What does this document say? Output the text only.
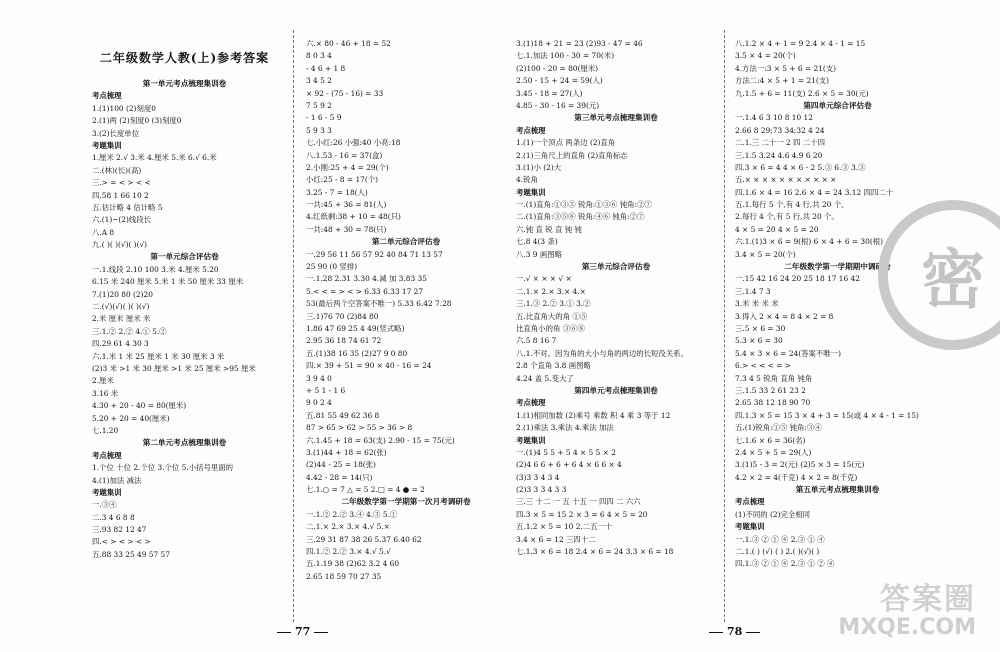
二年级数学人教(上)参考答案
第一单元考点梳理集训卷
考点梳理
1.(1)100 (2)刻度0
2.(1)两 (2)刻度0 (3)刻度0
3.(2)长度单位
考题集训
1.厘米 2.√ 3.米 4.厘米 5.米 6.√ 6.米
二.(林)(长)(高)
三.> = < > < <
四.58 1 66 10 2
五.估计略 4 估计略 5
六.(1)~(2)线段长
八.A 8
九.( )( )(√)( )(√)
第一单元综合评估卷
一.1.线段 2.10 100 3.米 4.厘米 5.20
6.15 米 240 厘米 5.米 1 米 50 厘米 33 厘米
7.(1)20 80 (2)20
二.(√)(√)( )( )(√)
2.米 厘米 厘米 米
三.1.② 2.② 4.① 5.②
四.29 61 4 30 3
六.1.米 1 米 25 厘米 1 米 30 厘米 3 米
(2)3 米 >1 米 30 厘米 >1 米 25 厘米 >95 厘米
2.厘米
3.16 米
4.30 + 20 - 40 = 80(厘米)
5.20 + 20 = 40(厘米)
七.1.20
第二单元考点梳理集训卷
考点梳理
1.个位 十位 2.个位 3.个位 5.小括号里面的
4.(1)加法 减法
考题集训
一.③④
二.3 4 6 8 8
三.93 82 12 47
四.< > < > < >
五.88 33 25 49 57 57
六.× 80 - 46 + 18 = 52
8 0 3 4
- 4 6 + 1 8
3 4 5 2
× 92 - (75 - 16) = 33
7 5 9 2
- 1 6 - 5 9
5 9 3 3
七.小红:26 小强:40 小亮:18
八.1.53 - 16 = 37(盒)
2.小刚:25 + 4 = 29(个)
小红:25 - 8 = 17(个)
3.25 - 7 = 18(人)
一共:45 + 36 = 81(人)
4.红纸剩:38 + 10 = 48(只)
一共:48 + 30 = 78(只)
第二单元综合评估卷
一.29 56 11 56 57 92 40 84 71 13 57
25 90 (0 竖排)
一.1.28 2.31 3.30 4.减 加 3.83 35
5.< < = > < > 6.33 6.33 17 27
53(最后两个空答案不唯一) 5.33 6.42 7.28
三.1)76 70 (2)84 80
1.86 47 69 25 4 49(竖式略)
2.95 36 18 74 61 72
五.(1)38 16 35 (2)27 9 0 80
四.× 39 + 51 = 90 × 40 - 16 = 24
3 9 4 0
+ 5 1 - 1 6
9 0 2 4
五.81 55 49 62 36 8
87 > 65 > 62 > 55 > 36 > 8
六.1.45 + 18 = 63(支) 2.90 - 15 = 75(元)
3.(1)44 + 18 = 62(张)
(2)44 - 25 = 18(张)
4.42 - 28 = 14(只)
七.1.○ = 7 △ = 5 2.□ = 4 ● = 2
二年级数学第一学期第一次月考调研卷
一.1.② 2.② 3.④ 4.③ 5.①
二.1.× 2.× 3.× 4.√ 5.×
三.29 31 87 38 26 5.37 6.40 62
四.1.② 2.② 3.× 4.√ 5.√
五.1.19 38 (2)62 3.2 4 60
2.65 18 59 70 27 35
3.(1)18 + 21 = 23 (2)93 - 47 = 46
七.1.加法 100 - 30 = 70(米)
(2)100 - 20 = 80(厘米)
2.50 - 15 + 24 = 59(人)
3.45 - 18 = 27(人)
4.85 - 30 - 16 = 39(元)
第三单元考点梳理集训卷
考点梳理
1.(1)一个顶点 两条边 (2)直角
2.(1)三角尺上的直角 (2)直角标志
3.(1)小 (2)大
4.锐角
考题集训
一.(1)直角:①③⑤ 锐角:①③⑥ 钝角:②⑦
二.(1)直角:③⑤⑥ 锐角:④⑥ 钝角:②⑦
六.钝 直 锐 直 钝 钝
七.8 4(3 条)
八.3 9 画图略
第三单元综合评估卷
一.√ × × × √ ×
二.1.× 2.× 3.× 4.×
三.1.③ 2.② 3.① 3.②
五.比直角大的角 ①⑤
比直角小的角 ③⑥⑧
六.5 8 16 7
八.1.不对。因为角的大小与角的两边的长短没关系。
2.8 个直角 3.8 画图略
4.24 盖 5.变大了
第四单元考点梳理集训卷
考点梳理
1.(1)相同加数 (2)乘号 乘数 积 4 乘 3 等于 12
2.(1)乘法 3.乘法 4.乘法 加法
考题集训
一.(1)4 5 5 + 5 4 × 5 5 × 2
(2)4 6 6 + 6 + 6 4 × 6 6 × 4
(3)3 3 4 3 4
(2)3 3 3 4 3 3
三.三 十二 一 五 十五 一 四四 二 六六
四.3 × 5 = 15 2 × 3 = 6 4 × 5 = 20
五.1.2 × 5 = 10 2.二五一十
3.4 × 6 = 12 三四十二
七.1.3 × 6 = 18 2.4 × 6 = 24 3.3 × 6 = 18
八.1.2 × 4 + 1 = 9 2.4 × 4 - 1 = 15
3.5 × 4 = 20(个)
4.方法一:3 × 5 + 6 = 21(支)
方法二:4 × 5 + 1 = 21(支)
九.1.5 + 6 = 11(支) 2.6 × 5 = 30(元)
第四单元综合评估卷
一.1.4 6 3 10 8 10 12
2.66 8 29;73 34;32 4 24
二.1.三 二十一 2 四 二十四
三.1.5 3.24 4.6 4.9 6 20
四.3 × 6 = 4 4 × 6 - 2 5.③ 6.③ 3.③
五.× × × × × × × × × × ×
四.1.6 × 4 = 16 2.6 × 4 = 24 3.12 四四二十
五.1.每行 5 个,有 4 行,共 20 个。
2.每行 4 个,有 5 行,共 20 个。
4 × 5 = 20 4 × 5 = 20
六.1.(1)3 × 6 = 9(根) 6 × 4 + 6 = 30(根)
3.4 × 5 = 20(个)
二年级数学第一学期期中调研卷
一.15 42 16 24 20 25 18 17 16 42
三.1.4 7 3
3.米 米 米 米
3.得入 2 × 4 = 8 4 × 2 = 8
三.5 × 6 = 30
5.3 × 6 = 30
5.4 × 3 × 6 = 24(答案不唯一)
6.> < < < = >
7.3 4 5 锐角 直角 钝角
三.1.5 33 2 61 23 2
2.65 38 12 18 90 70
四.1.3 × 5 = 15 3 × 4 + 3 = 15(或 4 × 4 - 1 = 15)
五.(1)锐角:①⑤ 钝角:③④
七.1.6 × 6 = 36(名)
2.4 × 5 + 5 = 29(人)
3.(1)5 - 3 = 2(元) (2)5 × 3 = 15(元)
4.2 × 2 = 4(千克) 4 × 2 = 8(千克)
第五单元考点梳理集训卷
考点梳理
(1)不同的 (2)完全相同
考题集训
一.1.③ ② ① ④ 2.③ ① ④
二.1.( ) (√) ( ) 2.( )(√)( )
四.1.③ ② ① ④ 2.③ ① ② ④
77	78
密
答案圈
MXQE.COM
